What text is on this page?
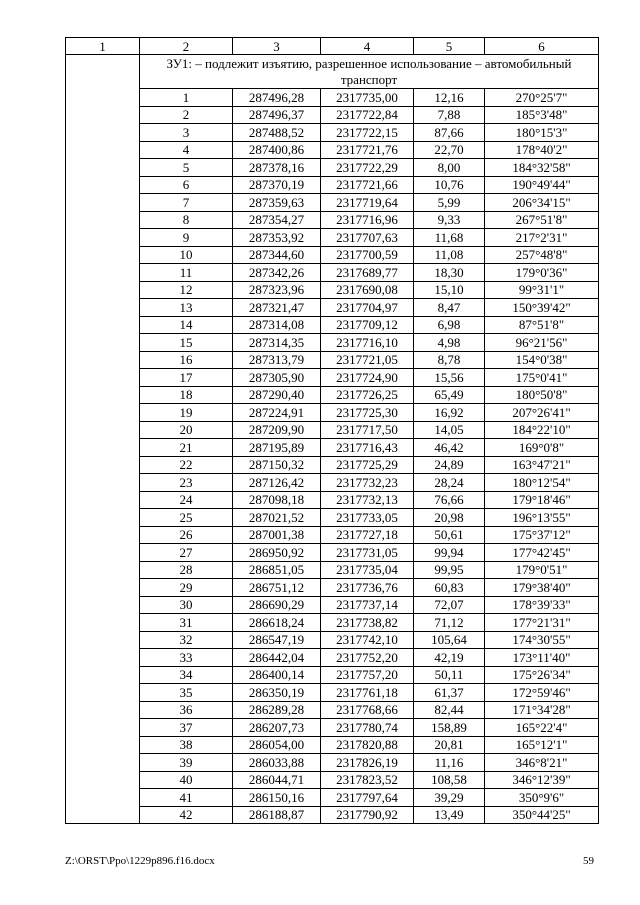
1	2	3	4	5	6
	ЗУ1: – подлежит изъятию, разрешенное использование – автомобильный транспорт				
	1	287496,28	2317735,00	12,16	270°25'7"
	2	287496,37	2317722,84	7,88	185°3'48"
	3	287488,52	2317722,15	87,66	180°15'3"
	4	287400,86	2317721,76	22,70	178°40'2"
	5	287378,16	2317722,29	8,00	184°32'58"
	6	287370,19	2317721,66	10,76	190°49'44"
	7	287359,63	2317719,64	5,99	206°34'15"
	8	287354,27	2317716,96	9,33	267°51'8"
	9	287353,92	2317707,63	11,68	217°2'31"
	10	287344,60	2317700,59	11,08	257°48'8"
	11	287342,26	2317689,77	18,30	179°0'36"
	12	287323,96	2317690,08	15,10	99°31'1"
	13	287321,47	2317704,97	8,47	150°39'42"
	14	287314,08	2317709,12	6,98	87°51'8"
	15	287314,35	2317716,10	4,98	96°21'56"
	16	287313,79	2317721,05	8,78	154°0'38"
	17	287305,90	2317724,90	15,56	175°0'41"
	18	287290,40	2317726,25	65,49	180°50'8"
	19	287224,91	2317725,30	16,92	207°26'41"
	20	287209,90	2317717,50	14,05	184°22'10"
	21	287195,89	2317716,43	46,42	169°0'8"
	22	287150,32	2317725,29	24,89	163°47'21"
	23	287126,42	2317732,23	28,24	180°12'54"
	24	287098,18	2317732,13	76,66	179°18'46"
	25	287021,52	2317733,05	20,98	196°13'55"
	26	287001,38	2317727,18	50,61	175°37'12"
	27	286950,92	2317731,05	99,94	177°42'45"
	28	286851,05	2317735,04	99,95	179°0'51"
	29	286751,12	2317736,76	60,83	179°38'40"
	30	286690,29	2317737,14	72,07	178°39'33"
	31	286618,24	2317738,82	71,12	177°21'31"
	32	286547,19	2317742,10	105,64	174°30'55"
	33	286442,04	2317752,20	42,19	173°11'40"
	34	286400,14	2317757,20	50,11	175°26'34"
	35	286350,19	2317761,18	61,37	172°59'46"
	36	286289,28	2317768,66	82,44	171°34'28"
	37	286207,73	2317780,74	158,89	165°22'4"
	38	286054,00	2317820,88	20,81	165°12'1"
	39	286033,88	2317826,19	11,16	346°8'21"
	40	286044,71	2317823,52	108,58	346°12'39"
	41	286150,16	2317797,64	39,29	350°9'6"
	42	286188,87	2317790,92	13,49	350°44'25"
Z:\ORST\Ppo\1229p896.f16.docx	59
